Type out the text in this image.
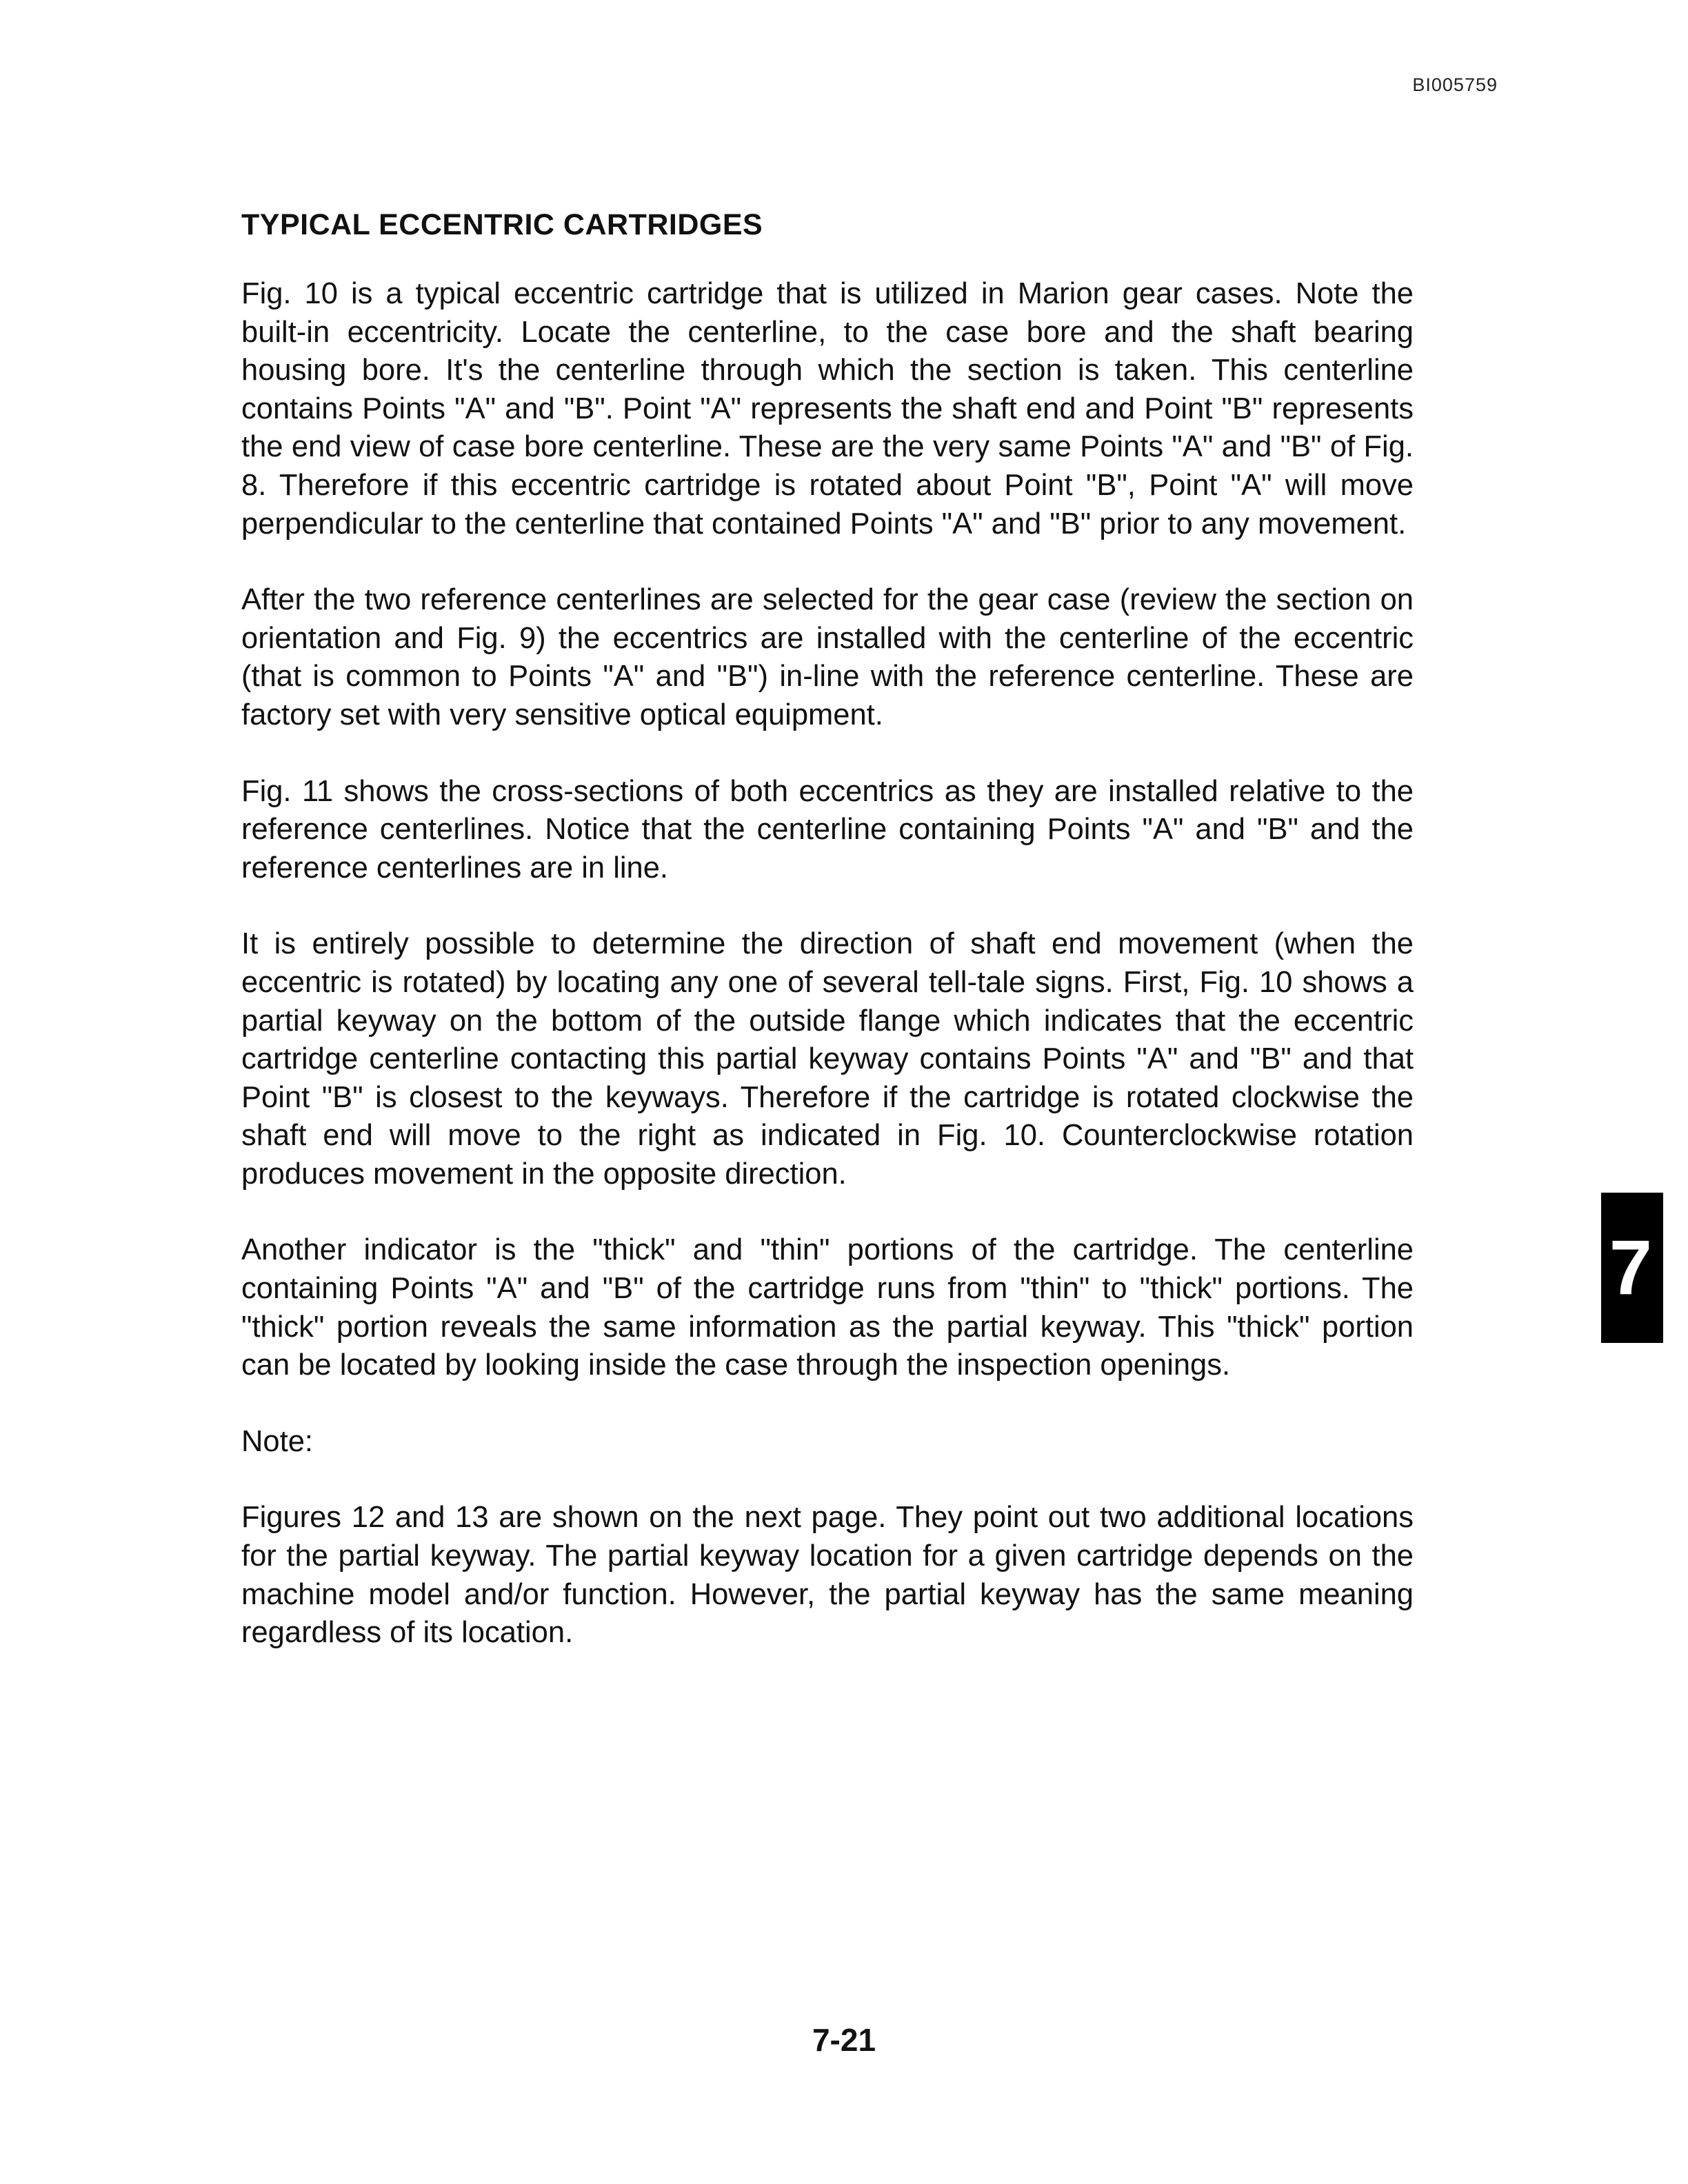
BI005759
TYPICAL ECCENTRIC CARTRIDGES

Fig. 10 is a typical eccentric cartridge that is utilized in Marion gear cases. Note the built-in eccentricity. Locate the centerline, to the case bore and the shaft bearing housing bore. It's the centerline through which the section is taken. This centerline contains Points "A" and "B". Point "A" represents the shaft end and Point "B" represents the end view of case bore centerline. These are the very same Points "A" and "B" of Fig. 8. Therefore if this eccentric cartridge is rotated about Point "B", Point "A" will move perpendicular to the centerline that contained Points "A" and "B" prior to any movement.

After the two reference centerlines are selected for the gear case (review the section on orientation and Fig. 9) the eccentrics are installed with the centerline of the eccentric (that is common to Points "A" and "B") in-line with the reference centerline. These are factory set with very sensitive optical equipment.

Fig. 11 shows the cross-sections of both eccentrics as they are installed relative to the reference centerlines. Notice that the centerline containing Points "A" and "B" and the reference centerlines are in line.

It is entirely possible to determine the direction of shaft end movement (when the eccentric is rotated) by locating any one of several tell-tale signs. First, Fig. 10 shows a partial keyway on the bottom of the outside flange which indicates that the eccentric cartridge centerline contacting this partial keyway contains Points "A" and "B" and that Point "B" is closest to the keyways. Therefore if the cartridge is rotated clockwise the shaft end will move to the right as indicated in Fig. 10. Counterclockwise rotation produces movement in the opposite direction.

Another indicator is the "thick" and "thin" portions of the cartridge. The centerline containing Points "A" and "B" of the cartridge runs from "thin" to "thick" portions. The "thick" portion reveals the same information as the partial keyway. This "thick" portion can be located by looking inside the case through the inspection openings.

Note:

Figures 12 and 13 are shown on the next page. They point out two additional locations for the partial keyway. The partial keyway location for a given cartridge depends on the machine model and/or function. However, the partial keyway has the same meaning regardless of its location.

7
7-21
